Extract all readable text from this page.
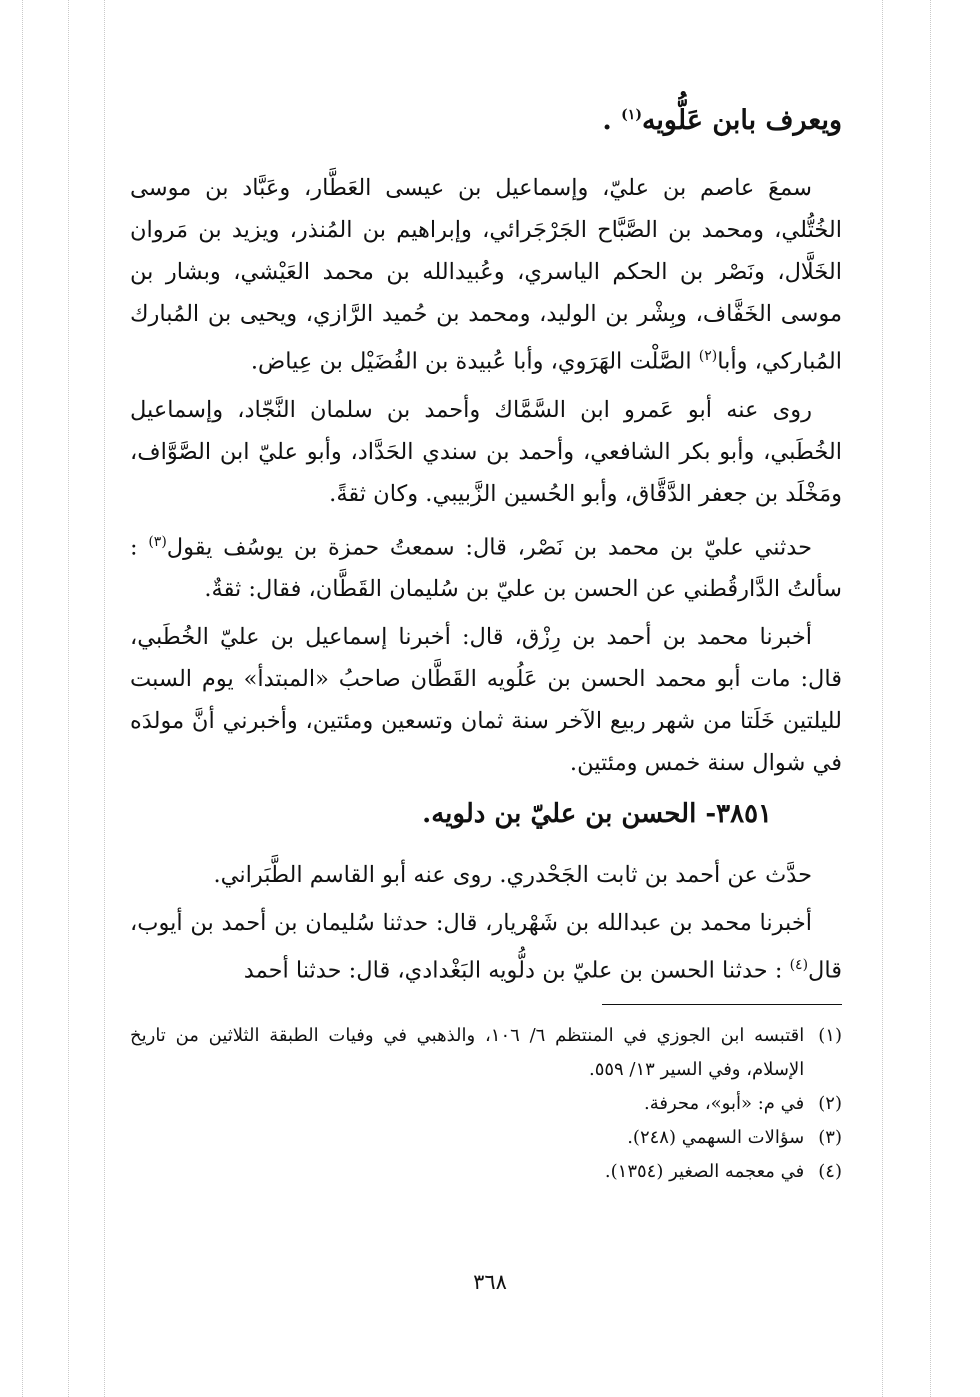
ويعرف بابن عَلُّويه$^{(١)}$ .

سمعَ عاصم بن عليّ، وإسماعيل بن عيسى العَطَّار، وعَبَّاد بن موسى الخُتُّلي، ومحمد بن الصَّبَّاح الجَرْجَرائي، وإبراهيم بن المُنذر، ويزيد بن مَروان الخَلَّال، ونَصْر بن الحكم الياسري، وعُبيدالله بن محمد العَيْشي، وبشار بن موسى الخَفَّاف، وبِشْر بن الوليد، ومحمد بن حُميد الرَّازي، ويحيى بن المُبارك المُباركي، وأبا$^{(٢)}$ الصَّلْت الهَرَوي، وأبا عُبيدة بن الفُضَيْل بن عِياض.

روى عنه أبو عَمرو ابن السَّمَّاك وأحمد بن سلمان النَّجّاد، وإسماعيل الخُطَبي، وأبو بكر الشافعي، وأحمد بن سندي الحَدَّاد، وأبو عليّ ابن الصَّوَّاف، ومَخْلَد بن جعفر الدَّقَّاق، وأبو الحُسين الزَّبيبي. وكان ثقةً.

حدثني عليّ بن محمد بن نَصْر، قال: سمعتُ حمزة بن يوسُف يقول$^{(٣)}$ : سألتُ الدَّارقُطني عن الحسن بن عليّ بن سُليمان القَطَّان، فقال: ثقةٌ.

أخبرنا محمد بن أحمد بن رِزْق، قال: أخبرنا إسماعيل بن عليّ الخُطَبي، قال: مات أبو محمد الحسن بن عَلُويه القَطَّان صاحبُ «المبتدأ» يوم السبت لليلتين خَلَتا من شهر ربيع الآخر سنة ثمان وتسعين ومئتين، وأخبرني أنَّ مولدَه في شوال سنة خمس ومئتين.

٣٨٥١- الحسن بن عليّ بن دلويه.

حدَّث عن أحمد بن ثابت الجَحْدري. روى عنه أبو القاسم الطَّبَراني.

أخبرنا محمد بن عبدالله بن شَهْريار، قال: حدثنا سُليمان بن أحمد بن أيوب، قال$^{(٤)}$ : حدثنا الحسن بن عليّ بن دلُّويه البَغْدادي، قال: حدثنا أحمد

(١)
اقتبسه ابن الجوزي في المنتظم ٦/ ١٠٦، والذهبي في وفيات الطبقة الثلاثين من تاريخ الإسلام، وفي السير ١٣/ ٥٥٩.
(٢)
في م: «أبو»، محرفة.
(٣)
سؤالات السهمي (٢٤٨).
(٤)
في معجمه الصغير (١٣٥٤).
٣٦٨
